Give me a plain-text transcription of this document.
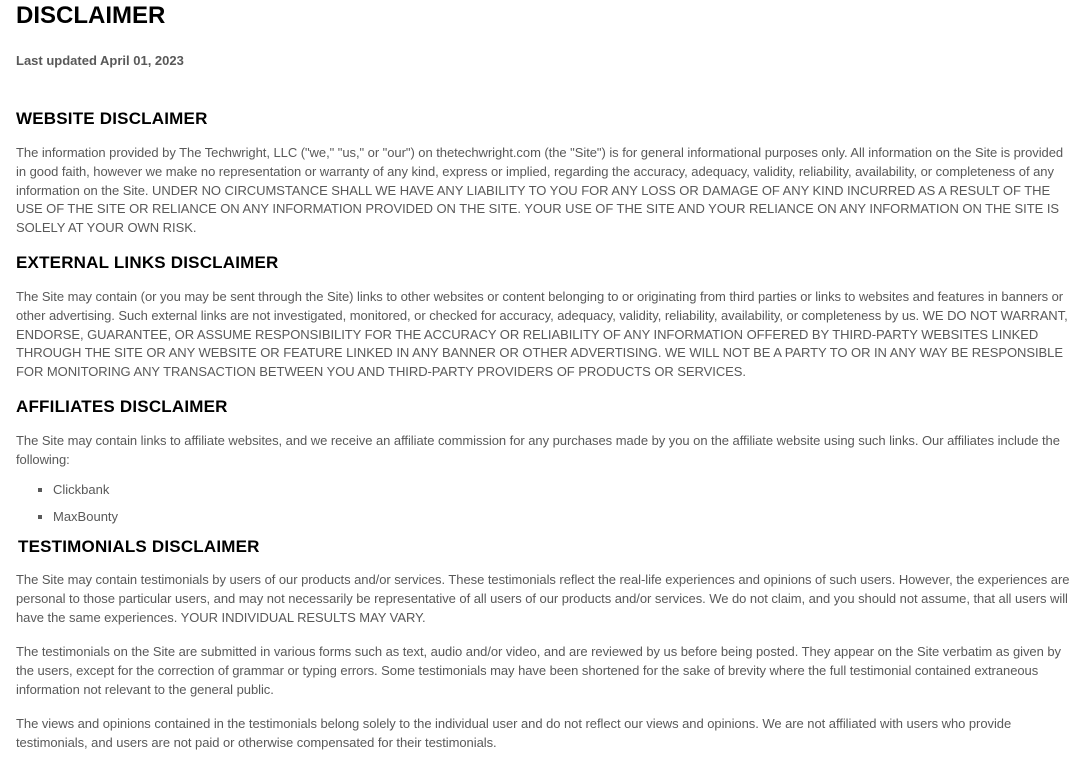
DISCLAIMER
Last updated April 01, 2023
WEBSITE DISCLAIMER

The information provided by The Techwright, LLC ("we," "us," or "our") on thetechwright.com (the "Site") is for general informational purposes only. All information on the Site is provided in good faith, however we make no representation or warranty of any kind, express or implied, regarding the accuracy, adequacy, validity, reliability, availability, or completeness of any information on the Site. UNDER NO CIRCUMSTANCE SHALL WE HAVE ANY LIABILITY TO YOU FOR ANY LOSS OR DAMAGE OF ANY KIND INCURRED AS A RESULT OF THE USE OF THE SITE OR RELIANCE ON ANY INFORMATION PROVIDED ON THE SITE. YOUR USE OF THE SITE AND YOUR RELIANCE ON ANY INFORMATION ON THE SITE IS SOLELY AT YOUR OWN RISK.

EXTERNAL LINKS DISCLAIMER

The Site may contain (or you may be sent through the Site) links to other websites or content belonging to or originating from third parties or links to websites and features in banners or other advertising. Such external links are not investigated, monitored, or checked for accuracy, adequacy, validity, reliability, availability, or completeness by us. WE DO NOT WARRANT, ENDORSE, GUARANTEE, OR ASSUME RESPONSIBILITY FOR THE ACCURACY OR RELIABILITY OF ANY INFORMATION OFFERED BY THIRD-PARTY WEBSITES LINKED THROUGH THE SITE OR ANY WEBSITE OR FEATURE LINKED IN ANY BANNER OR OTHER ADVERTISING. WE WILL NOT BE A PARTY TO OR IN ANY WAY BE RESPONSIBLE FOR MONITORING ANY TRANSACTION BETWEEN YOU AND THIRD-PARTY PROVIDERS OF PRODUCTS OR SERVICES.

AFFILIATES DISCLAIMER

The Site may contain links to affiliate websites, and we receive an affiliate commission for any purchases made by you on the affiliate website using such links. Our affiliates include the following:

Clickbank
MaxBounty
TESTIMONIALS DISCLAIMER

The Site may contain testimonials by users of our products and/or services. These testimonials reflect the real-life experiences and opinions of such users. However, the experiences are personal to those particular users, and may not necessarily be representative of all users of our products and/or services. We do not claim, and you should not assume, that all users will have the same experiences. YOUR INDIVIDUAL RESULTS MAY VARY.

The testimonials on the Site are submitted in various forms such as text, audio and/or video, and are reviewed by us before being posted. They appear on the Site verbatim as given by the users, except for the correction of grammar or typing errors. Some testimonials may have been shortened for the sake of brevity where the full testimonial contained extraneous information not relevant to the general public.

The views and opinions contained in the testimonials belong solely to the individual user and do not reflect our views and opinions. We are not affiliated with users who provide testimonials, and users are not paid or otherwise compensated for their testimonials.
